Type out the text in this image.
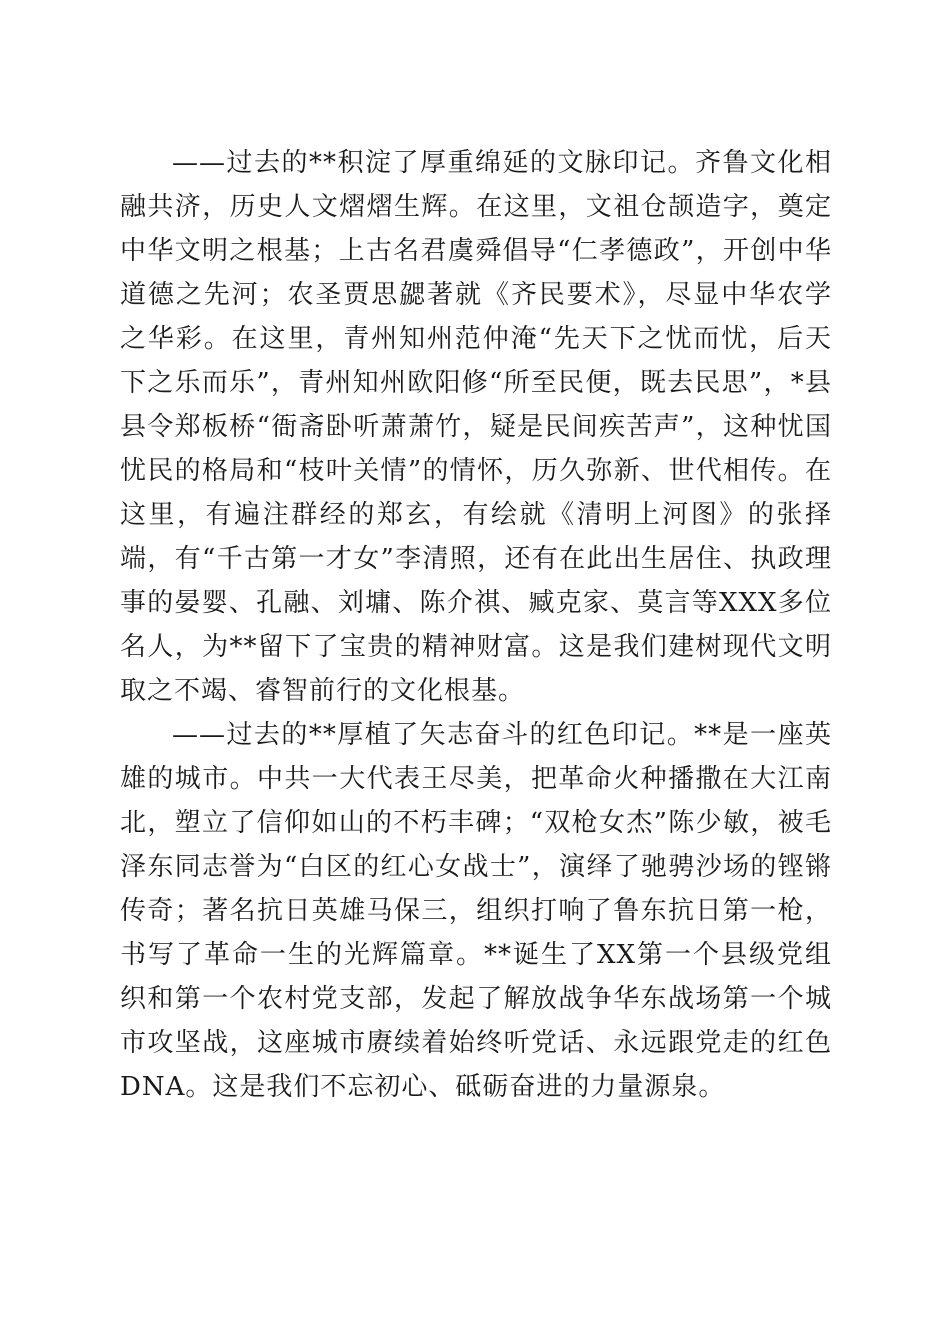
——过去的**积淀了厚重绵延的文脉印记。齐鲁文化相融共济，历史人文熠熠生辉。在这里，文祖仓颉造字，奠定中华文明之根基；上古名君虞舜倡导“仁孝德政”，开创中华道德之先河；农圣贾思勰著就《齐民要术》，尽显中华农学之华彩。在这里，青州知州范仲淹“先天下之忧而忧，后天下之乐而乐”，青州知州欧阳修“所至民便，既去民思”，*县县令郑板桥“衙斋卧听萧萧竹，疑是民间疾苦声”，这种忧国忧民的格局和“枝叶关情”的情怀，历久弥新、世代相传。在这里，有遍注群经的郑玄，有绘就《清明上河图》的张择端，有“千古第一才女”李清照，还有在此出生居住、执政理事的晏婴、孔融、刘墉、陈介祺、臧克家、莫言等XXX多位名人，为**留下了宝贵的精神财富。这是我们建树现代文明取之不竭、睿智前行的文化根基。

——过去的**厚植了矢志奋斗的红色印记。**是一座英雄的城市。中共一大代表王尽美，把革命火种播撒在大江南北，塑立了信仰如山的不朽丰碑；“双枪女杰”陈少敏，被毛泽东同志誉为“白区的红心女战士”，演绎了驰骋沙场的铿锵传奇；著名抗日英雄马保三，组织打响了鲁东抗日第一枪，书写了革命一生的光辉篇章。**诞生了XX第一个县级党组织和第一个农村党支部，发起了解放战争华东战场第一个城市攻坚战，这座城市赓续着始终听党话、永远跟党走的红色DNA。这是我们不忘初心、砥砺奋进的力量源泉。
